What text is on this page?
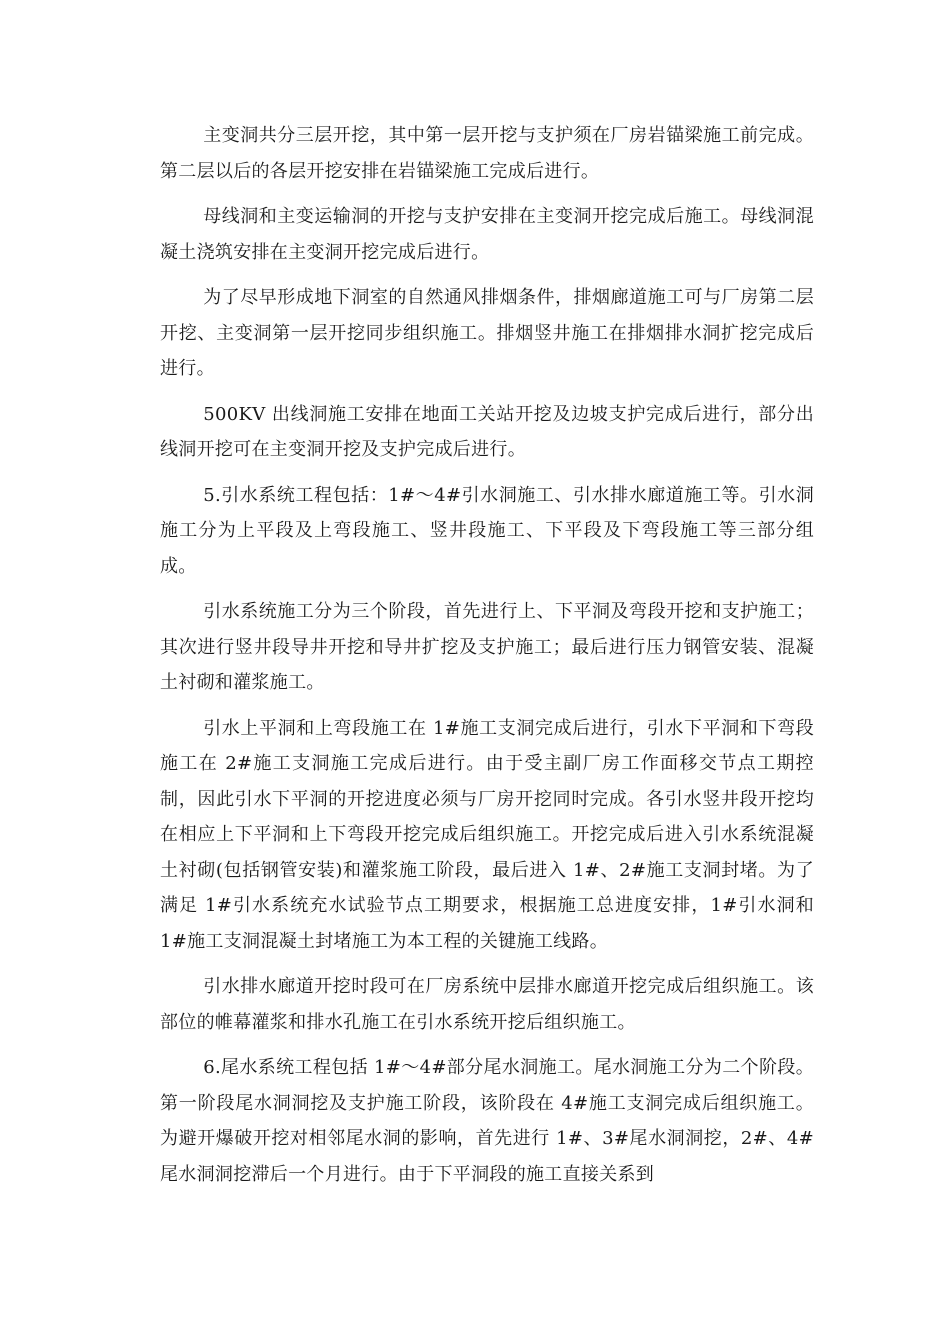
主变洞共分三层开挖，其中第一层开挖与支护须在厂房岩锚梁施工前完成。第二层以后的各层开挖安排在岩锚梁施工完成后进行。

母线洞和主变运输洞的开挖与支护安排在主变洞开挖完成后施工。母线洞混凝土浇筑安排在主变洞开挖完成后进行。

为了尽早形成地下洞室的自然通风排烟条件，排烟廊道施工可与厂房第二层开挖、主变洞第一层开挖同步组织施工。排烟竖井施工在排烟排水洞扩挖完成后进行。

500KV 出线洞施工安排在地面工关站开挖及边坡支护完成后进行，部分出线洞开挖可在主变洞开挖及支护完成后进行。

5.引水系统工程包括：1#～4#引水洞施工、引水排水廊道施工等。引水洞施工分为上平段及上弯段施工、竖井段施工、下平段及下弯段施工等三部分组成。

引水系统施工分为三个阶段，首先进行上、下平洞及弯段开挖和支护施工；其次进行竖井段导井开挖和导井扩挖及支护施工；最后进行压力钢管安装、混凝土衬砌和灌浆施工。

引水上平洞和上弯段施工在 1#施工支洞完成后进行，引水下平洞和下弯段施工在 2#施工支洞施工完成后进行。由于受主副厂房工作面移交节点工期控制，因此引水下平洞的开挖进度必须与厂房开挖同时完成。各引水竖井段开挖均在相应上下平洞和上下弯段开挖完成后组织施工。开挖完成后进入引水系统混凝土衬砌(包括钢管安装)和灌浆施工阶段，最后进入 1#、2#施工支洞封堵。为了满足 1#引水系统充水试验节点工期要求，根据施工总进度安排，1#引水洞和 1#施工支洞混凝土封堵施工为本工程的关键施工线路。

引水排水廊道开挖时段可在厂房系统中层排水廊道开挖完成后组织施工。该部位的帷幕灌浆和排水孔施工在引水系统开挖后组织施工。

6.尾水系统工程包括 1#～4#部分尾水洞施工。尾水洞施工分为二个阶段。第一阶段尾水洞洞挖及支护施工阶段，该阶段在 4#施工支洞完成后组织施工。为避开爆破开挖对相邻尾水洞的影响，首先进行 1#、3#尾水洞洞挖，2#、4#尾水洞洞挖滞后一个月进行。由于下平洞段的施工直接关系到
